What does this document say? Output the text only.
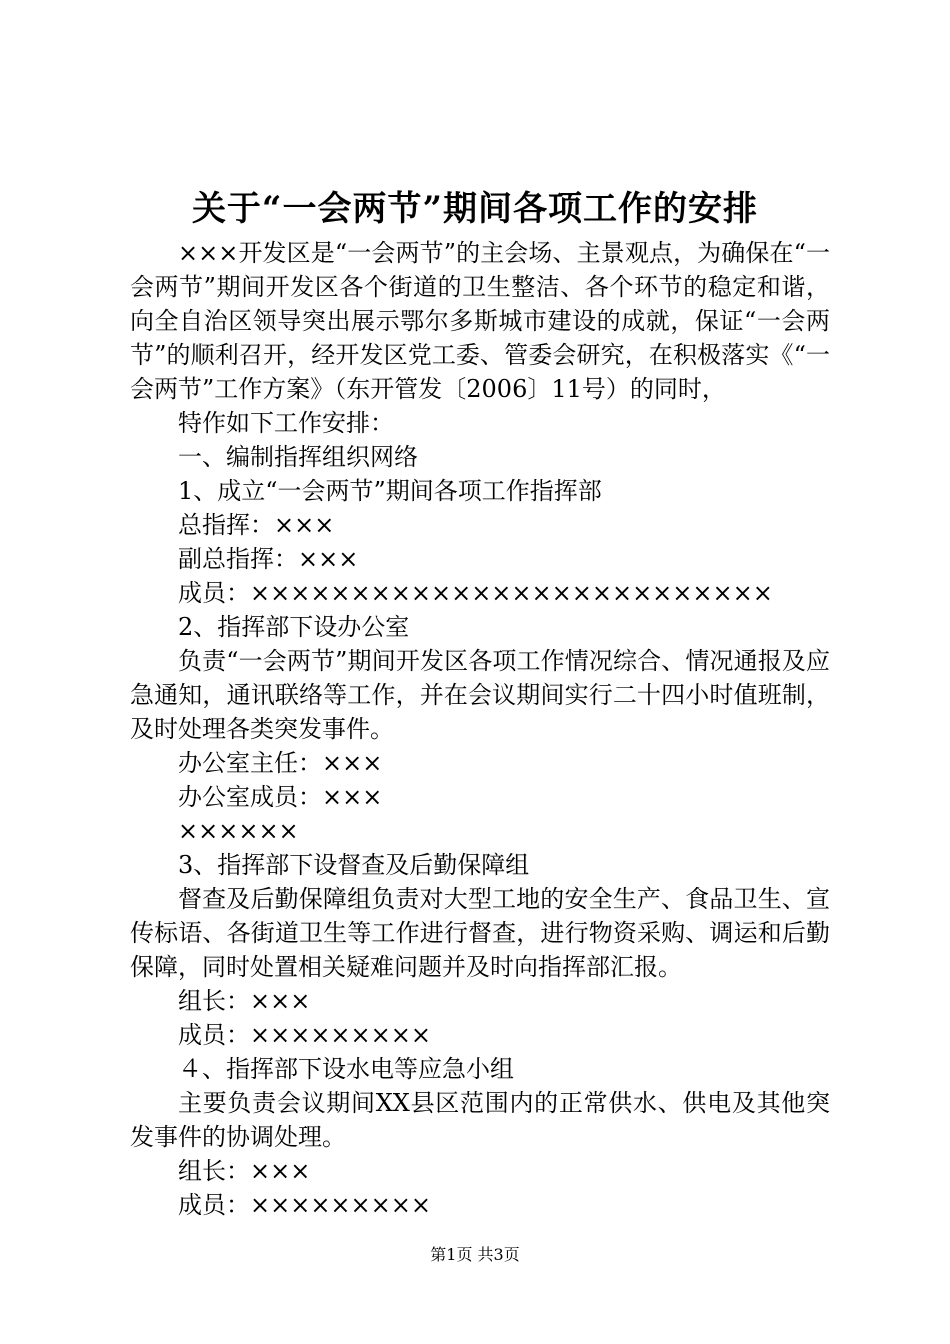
关于“一会两节”期间各项工作的安排

×××开发区是“一会两节”的主会场、主景观点，为确保在“一会两节”期间开发区各个街道的卫生整洁、各个环节的稳定和谐，向全自治区领导突出展示鄂尔多斯城市建设的成就，保证“一会两节”的顺利召开，经开发区党工委、管委会研究，在积极落实《“一会两节”工作方案》（东开管发〔2006〕11号）的同时，

特作如下工作安排：

一、编制指挥组织网络

1、成立“一会两节”期间各项工作指挥部

总指挥：×××

副总指挥：×××

成员：××××××××××××××××××××××××××

2、指挥部下设办公室

负责“一会两节”期间开发区各项工作情况综合、情况通报及应急通知，通讯联络等工作，并在会议期间实行二十四小时值班制，及时处理各类突发事件。

办公室主任：×××

办公室成员：×××

××××××

3、指挥部下设督查及后勤保障组

督查及后勤保障组负责对大型工地的安全生产、食品卫生、宣传标语、各街道卫生等工作进行督查，进行物资采购、调运和后勤保障，同时处置相关疑难问题并及时向指挥部汇报。

组长：×××

成员：×××××××××

４、指挥部下设水电等应急小组

主要负责会议期间XX县区范围内的正常供水、供电及其他突发事件的协调处理。

组长：×××

成员：×××××××××

第1页 共3页
